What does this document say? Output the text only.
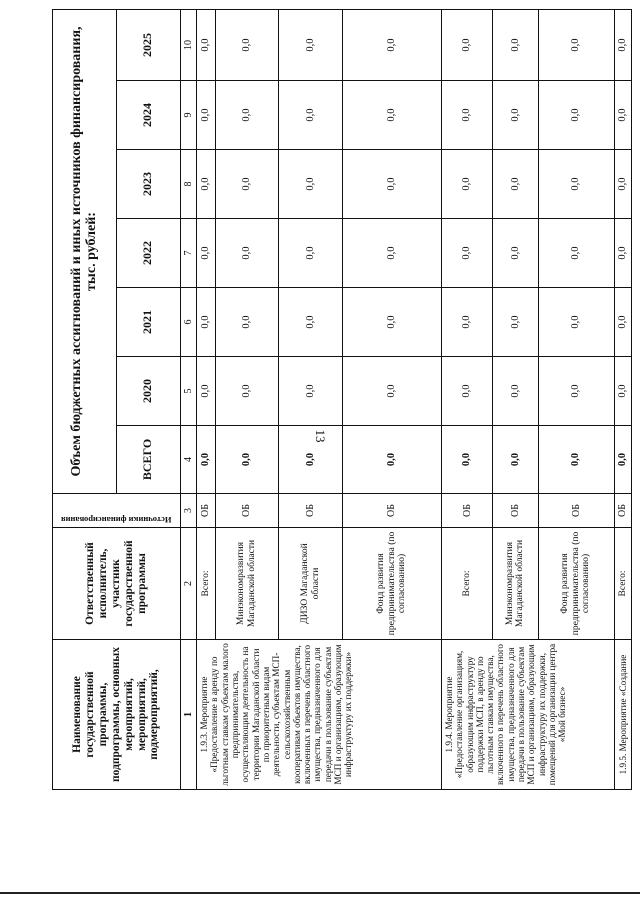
13
Наименование государственной программы, подпрограммы, основных мероприятий, мероприятий, подмероприятий,	Ответственный исполнитель, участник государственной программы	Источники финансирования	Объем бюджетных ассигнований и иных источников финансирования, тыс. рублей:						
			ВСЕГО	2020	2021	2022	2023	2024	2025
1	2	3	4	5	6	7	8	9	10
1.9.3. Мероприятие «Предоставление в аренду по льготным ставкам субъектам малого предпринимательства, осуществляющим деятельность на территории Магаданской области по приоритетным видам деятельности, субъектам МСП-сельскохозяйственным кооперативам объектов имущества, включенных в перечень областного имущества, предназначенного для передачи в пользование субъектам МСП и организациям, образующим инфраструктуру их поддержки»	Всего:	ОБ	0,0	0,0	0,0	0,0	0,0	0,0	0,0
	Минэкономразвития Магаданской области	ОБ	0,0	0,0	0,0	0,0	0,0	0,0	0,0
	ДИЗО Магаданской области	ОБ	0,0	0,0	0,0	0,0	0,0	0,0	0,0
	Фонд развития предпринимательства (по согласованию)	ОБ	0,0	0,0	0,0	0,0	0,0	0,0	0,0
1.9.4. Мероприятие «Предоставление организациям, образующим инфраструктуру поддержки МСП, в аренду по льготным ставкам имущества, включенного в перечень областного имущества, предназначенного для передачи в пользование субъектам МСП и организациям, образующим инфраструктуру их поддержки, помещений для организации центра «Мой бизнес»	Всего:	ОБ	0,0	0,0	0,0	0,0	0,0	0,0	0,0
	Минэкономразвития Магаданской области	ОБ	0,0	0,0	0,0	0,0	0,0	0,0	0,0
	Фонд развития предпринимательства (по согласованию)	ОБ	0,0	0,0	0,0	0,0	0,0	0,0	0,0
1.9.5. Мероприятие «Создание	Всего:	ОБ	0,0	0,0	0,0	0,0	0,0	0,0	0,0
